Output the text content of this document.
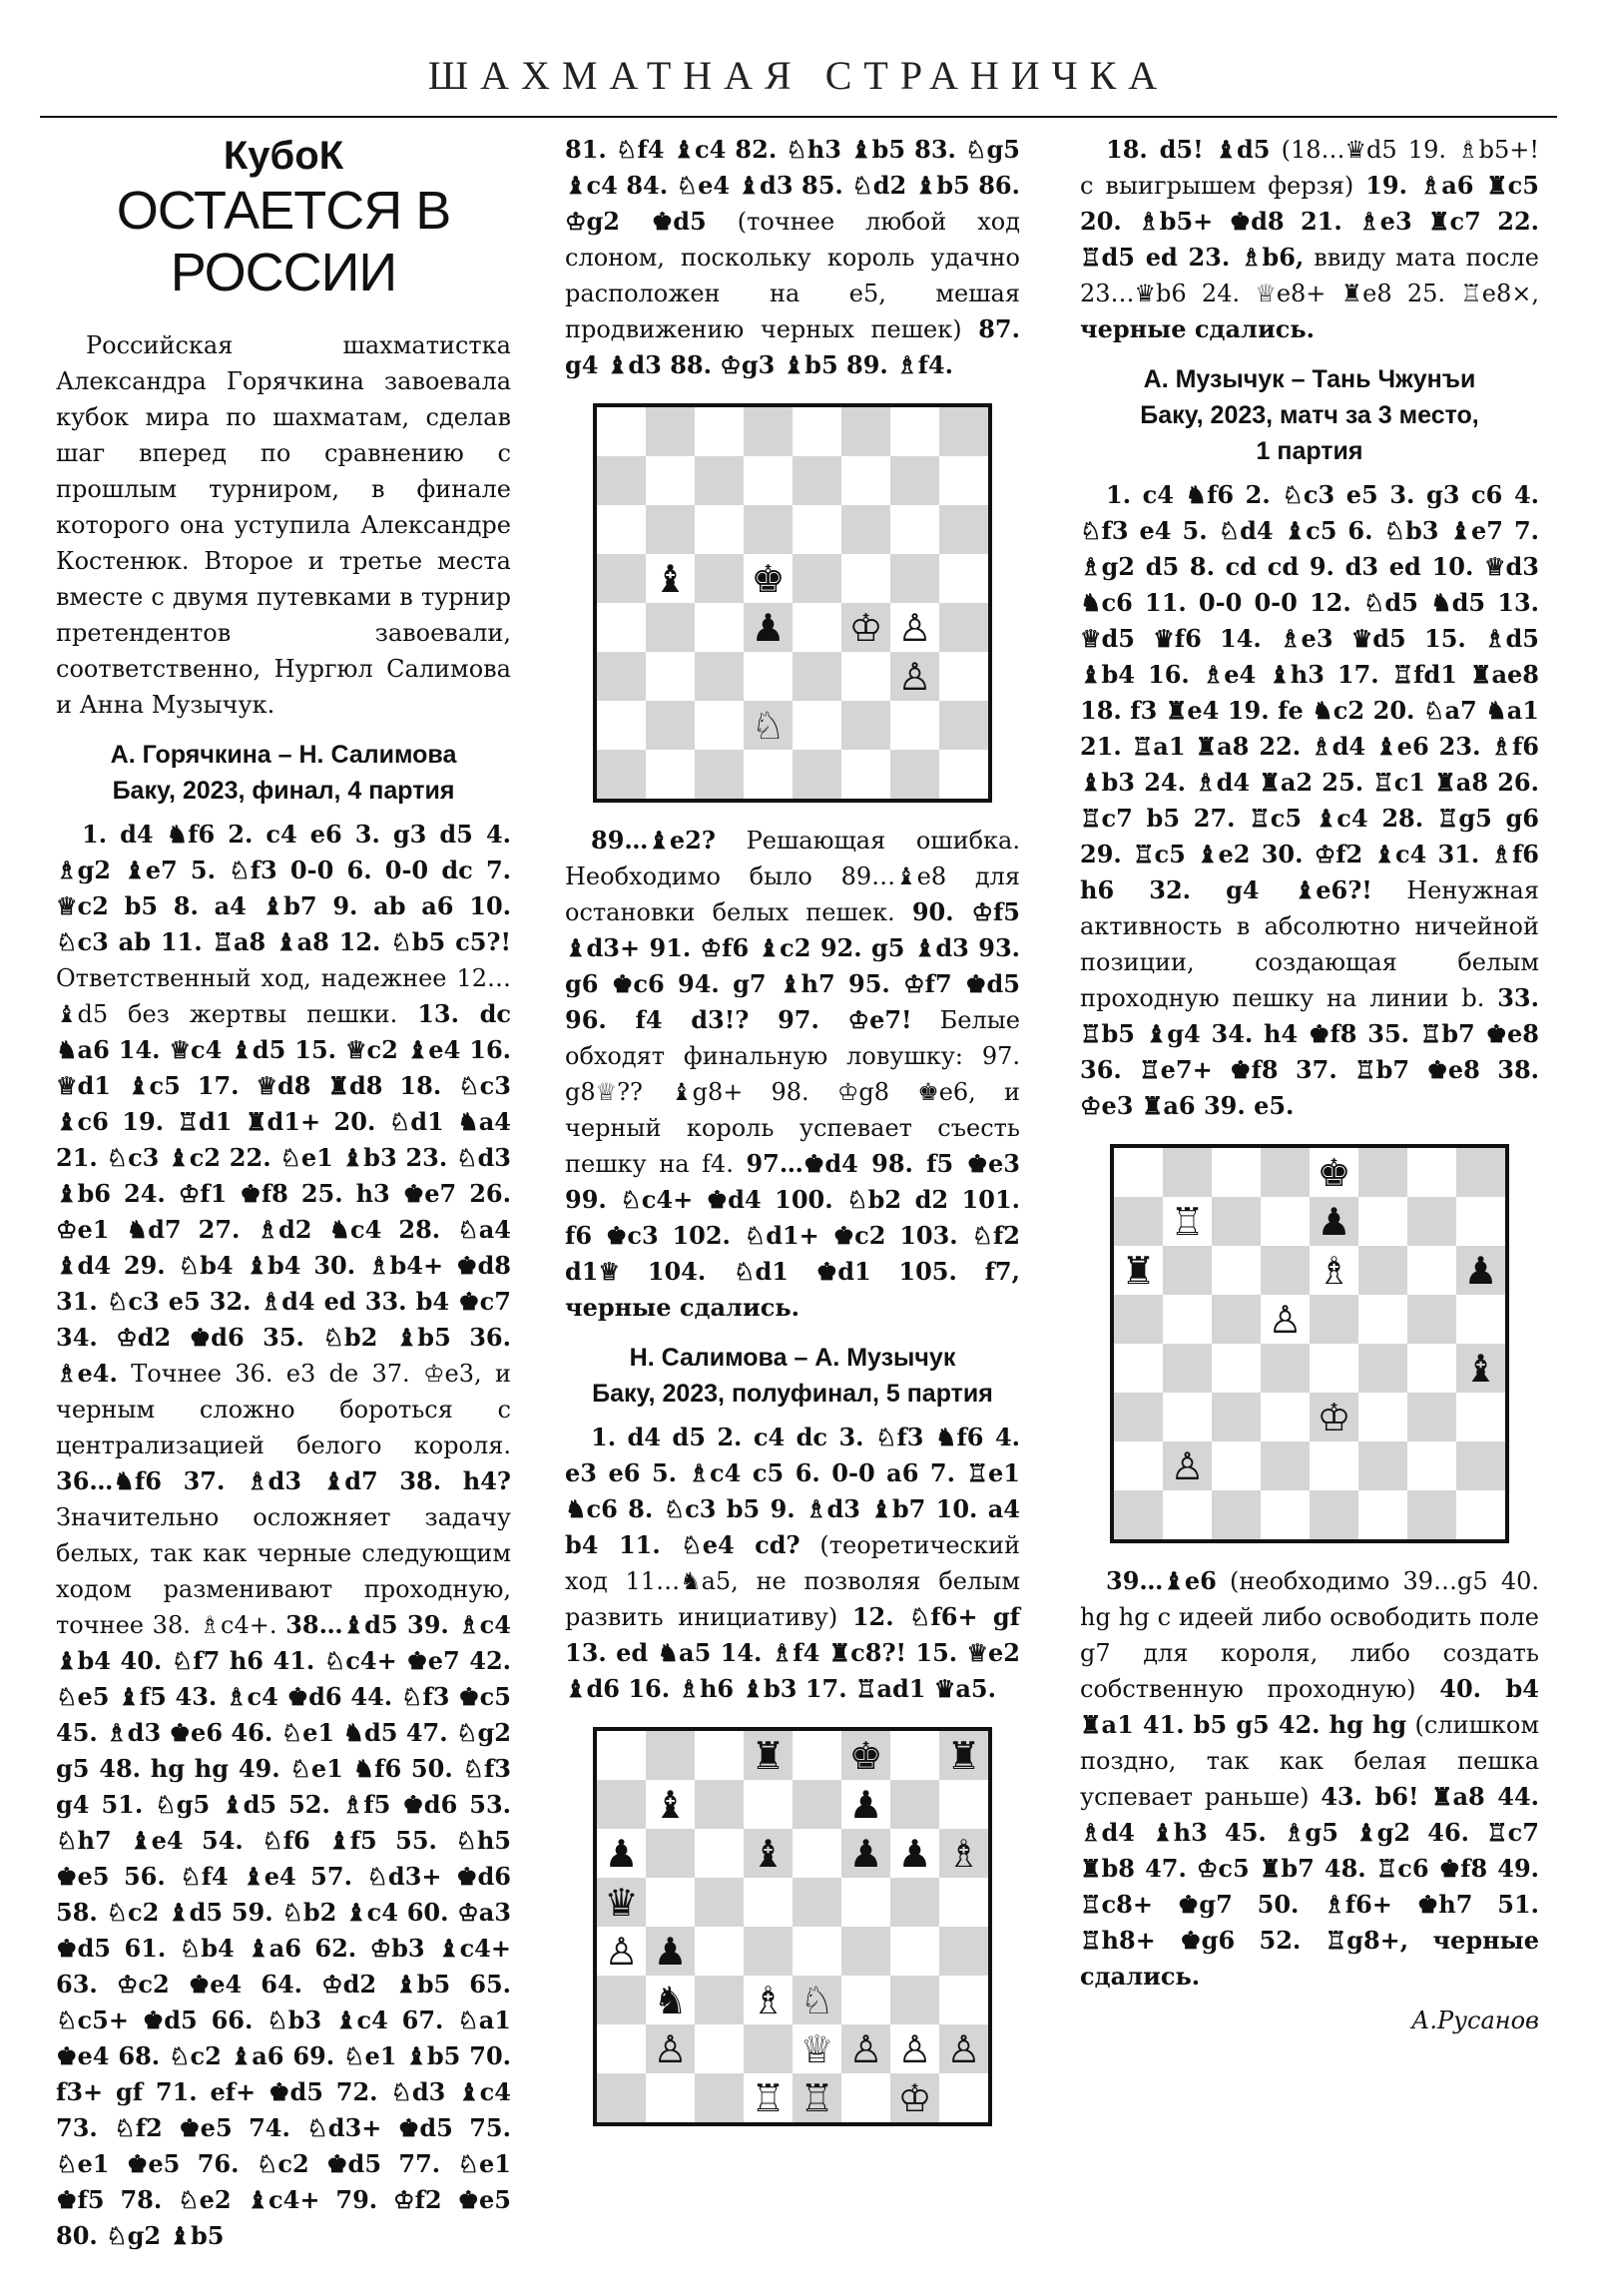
ШАХМАТНАЯ СТРАНИЧКА

КубоК

ОСТАЕТСЯ В РОССИИ

Российская шахматистка Александра Горячкина завоевала кубок мира по шахматам, сделав шаг вперед по сравнению с прошлым турниром, в финале которого она уступила Александре Костенюк. Второе и третье места вместе с двумя путевками в турнир претендентов завоевали, соответственно, Нургюл Салимова и Анна Музычук.

А. Горячкина – Н. Салимова
Баку, 2023, финал, 4 партия

1. d4 ♞f6 2. c4 e6 3. g3 d5 4. ♗g2 ♝e7 5. ♘f3 0-0 6. 0-0 dc 7. ♕c2 b5 8. a4 ♝b7 9. ab a6 10. ♘c3 ab 11. ♖a8 ♝a8 12. ♘b5 c5?! Ответственный ход, надежнее 12…♝d5 без жертвы пешки. 13. dc ♞a6 14. ♕c4 ♝d5 15. ♕c2 ♝e4 16. ♕d1 ♝c5 17. ♕d8 ♜d8 18. ♘c3 ♝c6 19. ♖d1 ♜d1+ 20. ♘d1 ♞a4 21. ♘c3 ♝c2 22. ♘e1 ♝b3 23. ♘d3 ♝b6 24. ♔f1 ♚f8 25. h3 ♚e7 26. ♔e1 ♞d7 27. ♗d2 ♞c4 28. ♘a4 ♝d4 29. ♘b4 ♝b4 30. ♗b4+ ♚d8 31. ♘c3 e5 32. ♗d4 ed 33. b4 ♚c7 34. ♔d2 ♚d6 35. ♘b2 ♝b5 36. ♗e4. Точнее 36. e3 de 37. ♔e3, и черным сложно бороться с централизацией белого короля. 36…♞f6 37. ♗d3 ♝d7 38. h4? Значительно осложняет задачу белых, так как черные следующим ходом разменивают проходную, точнее 38. ♗c4+. 38…♝d5 39. ♗c4 ♝b4 40. ♘f7 h6 41. ♘c4+ ♚e7 42. ♘e5 ♝f5 43. ♗c4 ♚d6 44. ♘f3 ♚c5 45. ♗d3 ♚e6 46. ♘e1 ♞d5 47. ♘g2 g5 48. hg hg 49. ♘e1 ♞f6 50. ♘f3 g4 51. ♘g5 ♝d5 52. ♗f5 ♚d6 53. ♘h7 ♝e4 54. ♘f6 ♝f5 55. ♘h5 ♚e5 56. ♘f4 ♝e4 57. ♘d3+ ♚d6 58. ♘c2 ♝d5 59. ♘b2 ♝c4 60. ♔a3 ♚d5 61. ♘b4 ♝a6 62. ♔b3 ♝c4+ 63. ♔c2 ♚e4 64. ♔d2 ♝b5 65. ♘c5+ ♚d5 66. ♘b3 ♝c4 67. ♘a1 ♚e4 68. ♘c2 ♝a6 69. ♘e1 ♝b5 70. f3+ gf 71. ef+ ♚d5 72. ♘d3 ♝c4 73. ♘f2 ♚e5 74. ♘d3+ ♚d5 75. ♘e1 ♚e5 76. ♘c2 ♚d5 77. ♘e1 ♚f5 78. ♘e2 ♝c4+ 79. ♔f2 ♚e5 80. ♘g2 ♝b5

81. ♘f4 ♝c4 82. ♘h3 ♝b5 83. ♘g5 ♝c4 84. ♘e4 ♝d3 85. ♘d2 ♝b5 86. ♔g2 ♚d5 (точнее любой ход слоном, поскольку король удачно расположен на e5, мешая продвижению черных пешек) 87. g4 ♝d3 88. ♔g3 ♝b5 89. ♗f4.

♝ ♚
♟ ♔ ♙
♙
♘

89…♝e2? Решающая ошибка. Необходимо было 89…♝e8 для остановки белых пешек. 90. ♔f5 ♝d3+ 91. ♔f6 ♝c2 92. g5 ♝d3 93. g6 ♚c6 94. g7 ♝h7 95. ♔f7 ♚d5 96. f4 d3!? 97. ♔e7! Белые обходят финальную ловушку: 97. g8♕?? ♝g8+ 98. ♔g8 ♚e6, и черный король успевает съесть пешку на f4. 97…♚d4 98. f5 ♚e3 99. ♘c4+ ♚d4 100. ♘b2 d2 101. f6 ♚c3 102. ♘d1+ ♚c2 103. ♘f2 d1♕ 104. ♘d1 ♚d1 105. f7, черные сдались.

Н. Салимова – А. Музычук
Баку, 2023, полуфинал, 5 партия

1. d4 d5 2. c4 dc 3. ♘f3 ♞f6 4. e3 e6 5. ♗c4 c5 6. 0-0 a6 7. ♖e1 ♞c6 8. ♘c3 b5 9. ♗d3 ♝b7 10. a4 b4 11. ♘e4 cd? (теоретический ход 11…♞a5, не позволяя белым развить инициативу) 12. ♘f6+ gf 13. ed ♞a5 14. ♗f4 ♜c8?! 15. ♕e2 ♝d6 16. ♗h6 ♝b3 17. ♖ad1 ♛a5.

♜ ♚ ♜
♝	♟
♟	♝ ♟ ♟ ♗
♛
♙ ♟
♞ ♗ ♘
♙	♕ ♙ ♙ ♙
♖ ♖ ♔

18. d5! ♝d5 (18…♛d5 19. ♗b5+! с выигрышем ферзя) 19. ♗a6 ♜c5 20. ♗b5+ ♚d8 21. ♗e3 ♜c7 22. ♖d5 ed 23. ♗b6, ввиду мата после 23…♛b6 24. ♕e8+ ♜e8 25. ♖e8×, черные сдались.

А. Музычук – Тань Чжунъи
Баку, 2023, матч за 3 место,
1 партия

1. c4 ♞f6 2. ♘c3 e5 3. g3 c6 4. ♘f3 e4 5. ♘d4 ♝c5 6. ♘b3 ♝e7 7. ♗g2 d5 8. cd cd 9. d3 ed 10. ♕d3 ♞c6 11. 0-0 0-0 12. ♘d5 ♞d5 13. ♕d5 ♛f6 14. ♗e3 ♛d5 15. ♗d5 ♝b4 16. ♗e4 ♝h3 17. ♖fd1 ♜ae8 18. f3 ♜e4 19. fe ♞c2 20. ♘a7 ♞a1 21. ♖a1 ♜a8 22. ♗d4 ♝e6 23. ♗f6 ♝b3 24. ♗d4 ♜a2 25. ♖c1 ♜a8 26. ♖c7 b5 27. ♖c5 ♝c4 28. ♖g5 g6 29. ♖c5 ♝e2 30. ♔f2 ♝c4 31. ♗f6 h6 32. g4 ♝e6?! Ненужная активность в абсолютно ничейной позиции, создающая белым проходную пешку на линии b. 33. ♖b5 ♝g4 34. h4 ♚f8 35. ♖b7 ♚e8 36. ♖e7+ ♚f8 37. ♖b7 ♚e8 38. ♔e3 ♜a6 39. e5.

♚
♖	♟
♜	♗	♟
♙
♝
♔
♙

39…♝e6 (необходимо 39…g5 40. hg hg с идеей либо освободить поле g7 для короля, либо создать собственную проходную) 40. b4 ♜a1 41. b5 g5 42. hg hg (слишком поздно, так как белая пешка успевает раньше) 43. b6! ♜a8 44. ♗d4 ♝h3 45. ♗g5 ♝g2 46. ♖c7 ♜b8 47. ♔c5 ♜b7 48. ♖c6 ♚f8 49. ♖c8+ ♚g7 50. ♗f6+ ♚h7 51. ♖h8+ ♚g6 52. ♖g8+, черные сдались.

А.Русанов
